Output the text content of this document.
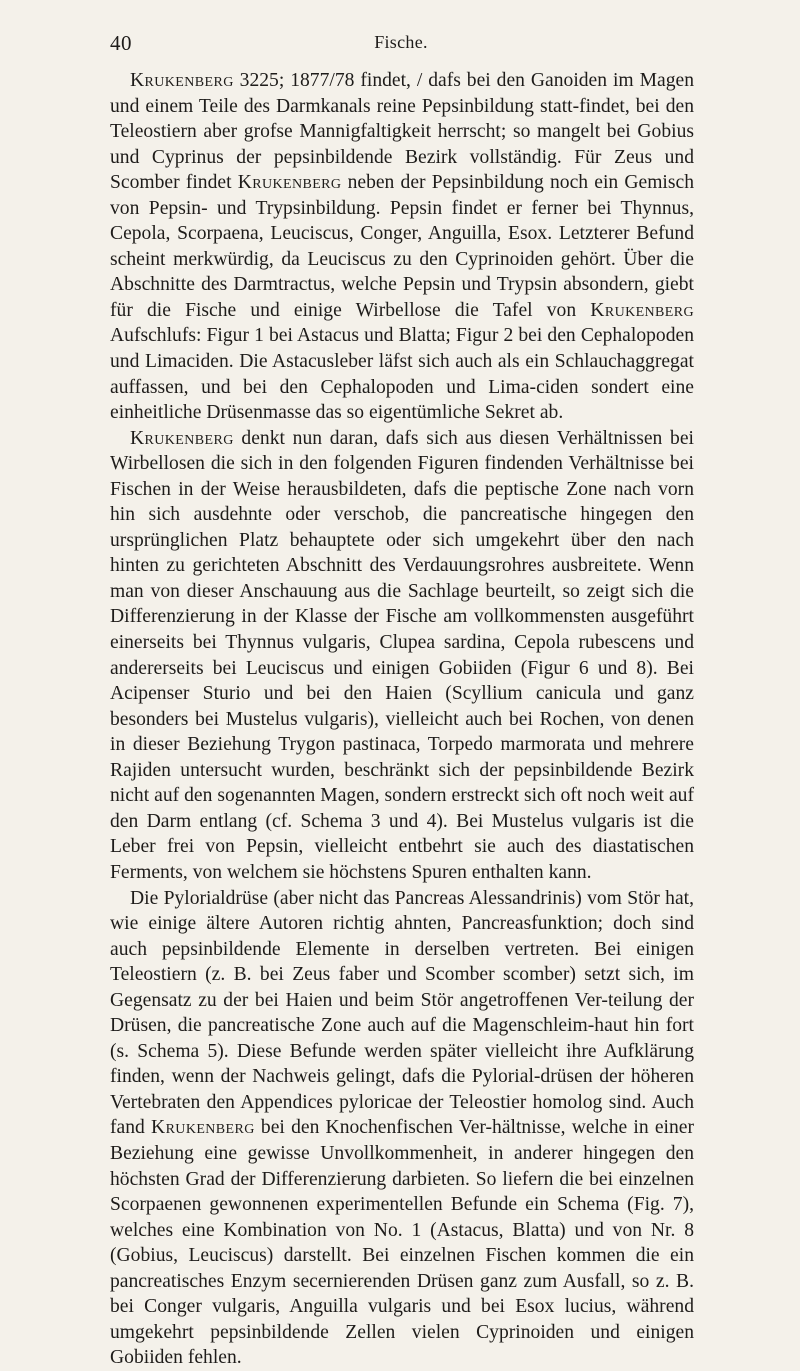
40	Fische.

Krukenberg 3225; 1877/78 findet, / dafs bei den Ganoiden im Magen und einem Teile des Darmkanals reine Pepsinbildung statt-findet, bei den Teleostiern aber grofse Mannigfaltigkeit herrscht; so mangelt bei Gobius und Cyprinus der pepsinbildende Bezirk vollständig. Für Zeus und Scomber findet Krukenberg neben der Pepsinbildung noch ein Gemisch von Pepsin- und Trypsinbildung. Pepsin findet er ferner bei Thynnus, Cepola, Scorpaena, Leuciscus, Conger, Anguilla, Esox. Letzterer Befund scheint merkwürdig, da Leuciscus zu den Cyprinoiden gehört. Über die Abschnitte des Darmtractus, welche Pepsin und Trypsin absondern, giebt für die Fische und einige Wirbellose die Tafel von Krukenberg Aufschlufs: Figur 1 bei Astacus und Blatta; Figur 2 bei den Cephalopoden und Limaciden. Die Astacusleber läfst sich auch als ein Schlauchaggregat auffassen, und bei den Cephalopoden und Lima-ciden sondert eine einheitliche Drüsenmasse das so eigentümliche Sekret ab.

Krukenberg denkt nun daran, dafs sich aus diesen Verhältnissen bei Wirbellosen die sich in den folgenden Figuren findenden Verhältnisse bei Fischen in der Weise herausbildeten, dafs die peptische Zone nach vorn hin sich ausdehnte oder verschob, die pancreatische hingegen den ursprünglichen Platz behauptete oder sich umgekehrt über den nach hinten zu gerichteten Abschnitt des Verdauungsrohres ausbreitete. Wenn man von dieser Anschauung aus die Sachlage beurteilt, so zeigt sich die Differenzierung in der Klasse der Fische am vollkommensten ausgeführt einerseits bei Thynnus vulgaris, Clupea sardina, Cepola rubescens und andererseits bei Leuciscus und einigen Gobiiden (Figur 6 und 8). Bei Acipenser Sturio und bei den Haien (Scyllium canicula und ganz besonders bei Mustelus vulgaris), vielleicht auch bei Rochen, von denen in dieser Beziehung Trygon pastinaca, Torpedo marmorata und mehrere Rajiden untersucht wurden, beschränkt sich der pepsinbildende Bezirk nicht auf den sogenannten Magen, sondern erstreckt sich oft noch weit auf den Darm entlang (cf. Schema 3 und 4). Bei Mustelus vulgaris ist die Leber frei von Pepsin, vielleicht entbehrt sie auch des diastatischen Ferments, von welchem sie höchstens Spuren enthalten kann.

Die Pylorialdrüse (aber nicht das Pancreas Alessandrinis) vom Stör hat, wie einige ältere Autoren richtig ahnten, Pancreasfunktion; doch sind auch pepsinbildende Elemente in derselben vertreten. Bei einigen Teleostiern (z. B. bei Zeus faber und Scomber scomber) setzt sich, im Gegensatz zu der bei Haien und beim Stör angetroffenen Ver-teilung der Drüsen, die pancreatische Zone auch auf die Magenschleim-haut hin fort (s. Schema 5). Diese Befunde werden später vielleicht ihre Aufklärung finden, wenn der Nachweis gelingt, dafs die Pylorial-drüsen der höheren Vertebraten den Appendices pyloricae der Teleostier homolog sind. Auch fand Krukenberg bei den Knochenfischen Ver-hältnisse, welche in einer Beziehung eine gewisse Unvollkommenheit, in anderer hingegen den höchsten Grad der Differenzierung darbieten. So liefern die bei einzelnen Scorpaenen gewonnenen experimentellen Befunde ein Schema (Fig. 7), welches eine Kombination von No. 1 (Astacus, Blatta) und von Nr. 8 (Gobius, Leuciscus) darstellt. Bei einzelnen Fischen kommen die ein pancreatisches Enzym secernierenden Drüsen ganz zum Ausfall, so z. B. bei Conger vulgaris, Anguilla vulgaris und bei Esox lucius, während umgekehrt pepsinbildende Zellen vielen Cyprinoiden und einigen Gobiiden fehlen.
